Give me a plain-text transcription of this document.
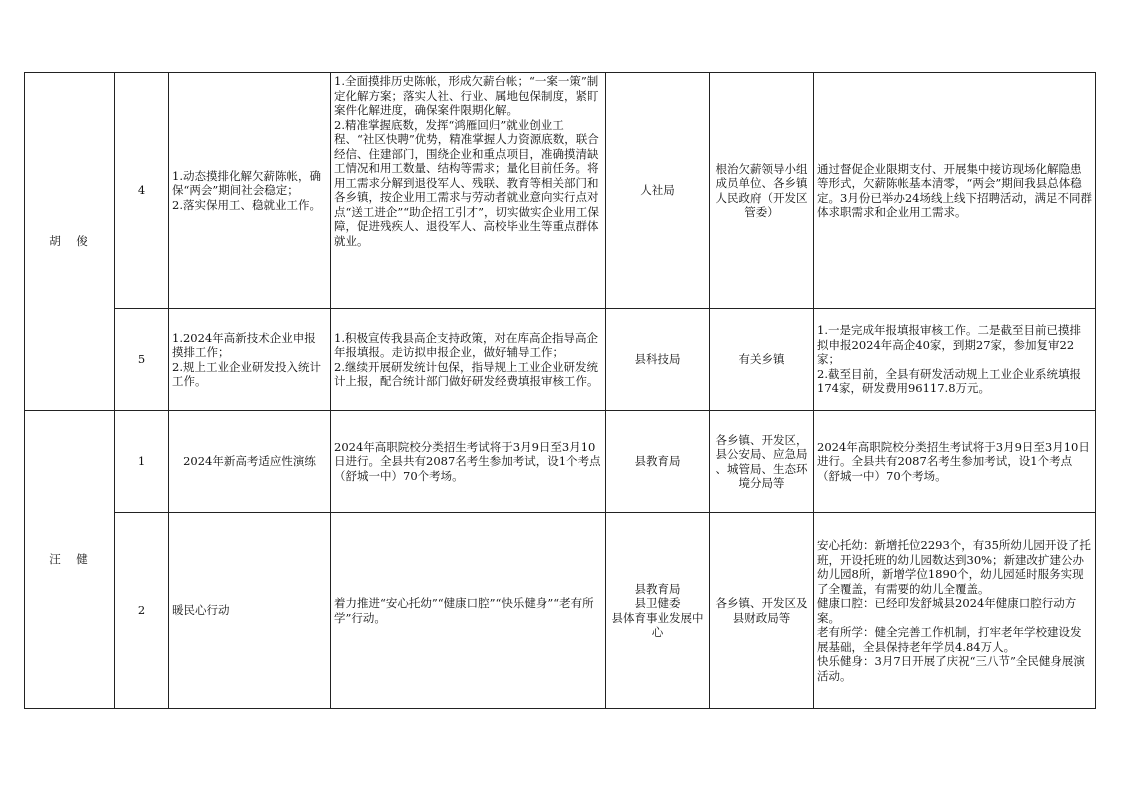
胡　俊	4	1.动态摸排化解欠薪陈帐，确保“两会”期间社会稳定；
2.落实保用工、稳就业工作。	1.全面摸排历史陈帐，形成欠薪台帐；“一案一策”制定化解方案；落实人社、行业、属地包保制度，紧盯案件化解进度，确保案件限期化解。
2.精准掌握底数，发挥“鸿雁回归”就业创业工程、“社区快聘”优势，精准掌握人力资源底数，联合经信、住建部门，围绕企业和重点项目，准确摸清缺工情况和用工数量、结构等需求；量化目前任务。将用工需求分解到退役军人、残联、教育等相关部门和各乡镇，按企业用工需求与劳动者就业意向实行点对点“送工进企”“助企招工引才”，切实做实企业用工保障，促进残疾人、退役军人、高校毕业生等重点群体就业。	人社局	根治欠薪领导小组成员单位、各乡镇人民政府（开发区管委）	通过督促企业限期支付、开展集中接访现场化解隐患等形式，欠薪陈帐基本清零，“两会”期间我县总体稳定。3月份已举办24场线上线下招聘活动，满足不同群体求职需求和企业用工需求。
	5	1.2024年高新技术企业申报摸排工作；
2.规上工业企业研发投入统计工作。	1.积极宣传我县高企支持政策，对在库高企指导高企年报填报。走访拟申报企业，做好辅导工作；
2.继续开展研发统计包保，指导规上工业企业研发统计上报，配合统计部门做好研发经费填报审核工作。	县科技局	有关乡镇	1.一是完成年报填报审核工作。二是截至目前已摸排拟申报2024年高企40家，到期27家，参加复审22家；
2.截至目前，全县有研发活动规上工业企业系统填报174家，研发费用96117.8万元。
汪　健	1	2024年新高考适应性演练	2024年高职院校分类招生考试将于3月9日至3月10日进行。全县共有2087名考生参加考试，设1个考点（舒城一中）70个考场。	县教育局	各乡镇、开发区，县公安局、应急局
、城管局、生态环境分局等	2024年高职院校分类招生考试将于3月9日至3月10日进行。全县共有2087名考生参加考试，设1个考点（舒城一中）70个考场。
	2	暖民心行动	着力推进“安心托幼”“健康口腔”“快乐健身”“老有所学”行动。	县教育局
县卫健委
县体育事业发展中心	各乡镇、开发区及县财政局等	安心托幼：新增托位2293个，有35所幼儿园开设了托班，开设托班的幼儿园数达到30%；新建改扩建公办幼儿园8所，新增学位1890个，幼儿园延时服务实现了全覆盖，有需要的幼儿全覆盖。
健康口腔：已经印发舒城县2024年健康口腔行动方案。
老有所学：健全完善工作机制，打牢老年学校建设发展基础，全县保持老年学员4.84万人。
快乐健身：3月7日开展了庆祝“三八节”全民健身展演活动。
